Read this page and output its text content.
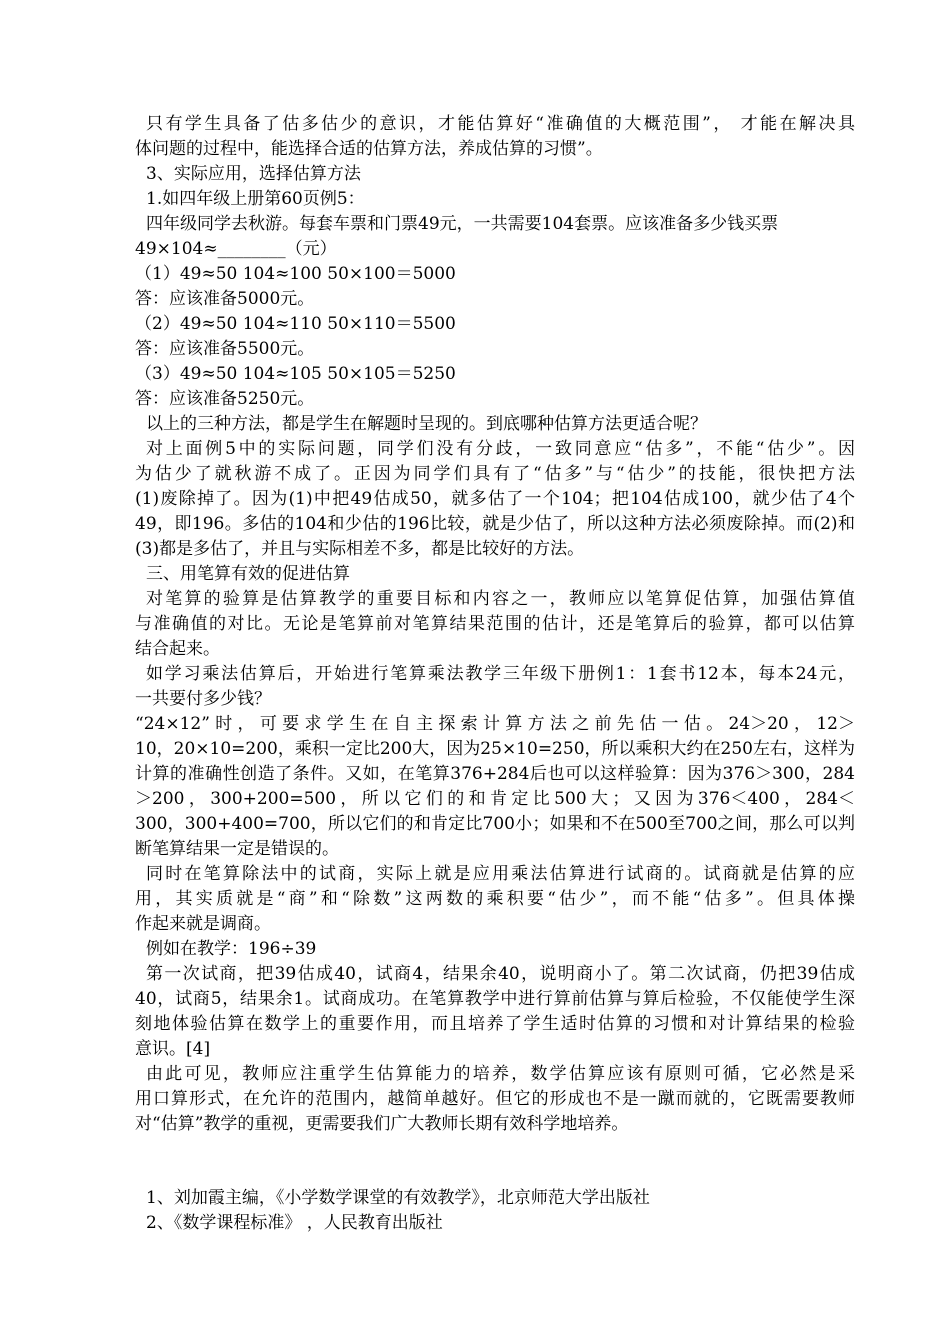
只有学生具备了估多估少的意识，才能估算好“准确值的大概范围”， 才能在解决具
体问题的过程中，能选择合适的估算方法，养成估算的习惯”。
3、实际应用，选择估算方法
1.如四年级上册第60页例5：
四年级同学去秋游。每套车票和门票49元，一共需要104套票。应该准备多少钱买票
49×104≈________（元）
（1）49≈50 104≈100 50×100＝5000
答：应该准备5000元。
（2）49≈50 104≈110 50×110＝5500
答：应该准备5500元。
（3）49≈50 104≈105 50×105＝5250
答：应该准备5250元。
以上的三种方法，都是学生在解题时呈现的。到底哪种估算方法更适合呢？
对上面例5中的实际问题，同学们没有分歧，一致同意应“估多”，不能“估少”。因
为估少了就秋游不成了。正因为同学们具有了“估多”与“估少”的技能，很快把方法
(1)废除掉了。因为(1)中把49估成50，就多估了一个104；把104估成100，就少估了4个
49，即196。多估的104和少估的196比较，就是少估了，所以这种方法必须废除掉。而(2)和
(3)都是多估了，并且与实际相差不多，都是比较好的方法。
三、用笔算有效的促进估算
对笔算的验算是估算教学的重要目标和内容之一，教师应以笔算促估算，加强估算值
与准确值的对比。无论是笔算前对笔算结果范围的估计，还是笔算后的验算，都可以估算
结合起来。
如学习乘法估算后，开始进行笔算乘法教学三年级下册例1：1套书12本，每本24元，
一共要付多少钱？
“24×12”时，可要求学生在自主探索计算方法之前先估一估。24＞20，12＞
10，20×10=200，乘积一定比200大，因为25×10=250，所以乘积大约在250左右，这样为
计算的准确性创造了条件。又如，在笔算376+284后也可以这样验算：因为376＞300，284
＞200，300+200=500，所以它们的和肯定比500大；又因为376＜400，284＜
300，300+400=700，所以它们的和肯定比700小；如果和不在500至700之间，那么可以判
断笔算结果一定是错误的。
同时在笔算除法中的试商，实际上就是应用乘法估算进行试商的。试商就是估算的应
用，其实质就是“商”和“除数”这两数的乘积要“估少”，而不能“估多”。但具体操
作起来就是调商。
例如在教学：196÷39
第一次试商，把39估成40，试商4，结果余40，说明商小了。第二次试商，仍把39估成
40，试商5，结果余1。试商成功。在笔算教学中进行算前估算与算后检验，不仅能使学生深
刻地体验估算在数学上的重要作用，而且培养了学生适时估算的习惯和对计算结果的检验
意识。[4]
由此可见，教师应注重学生估算能力的培养，数学估算应该有原则可循，它必然是采
用口算形式，在允许的范围内，越简单越好。但它的形成也不是一蹴而就的，它既需要教师
对“估算”教学的重视，更需要我们广大教师长期有效科学地培养。
1、刘加霞主编，《小学数学课堂的有效教学》，北京师范大学出版社
2、《数学课程标准》 ，人民教育出版社
